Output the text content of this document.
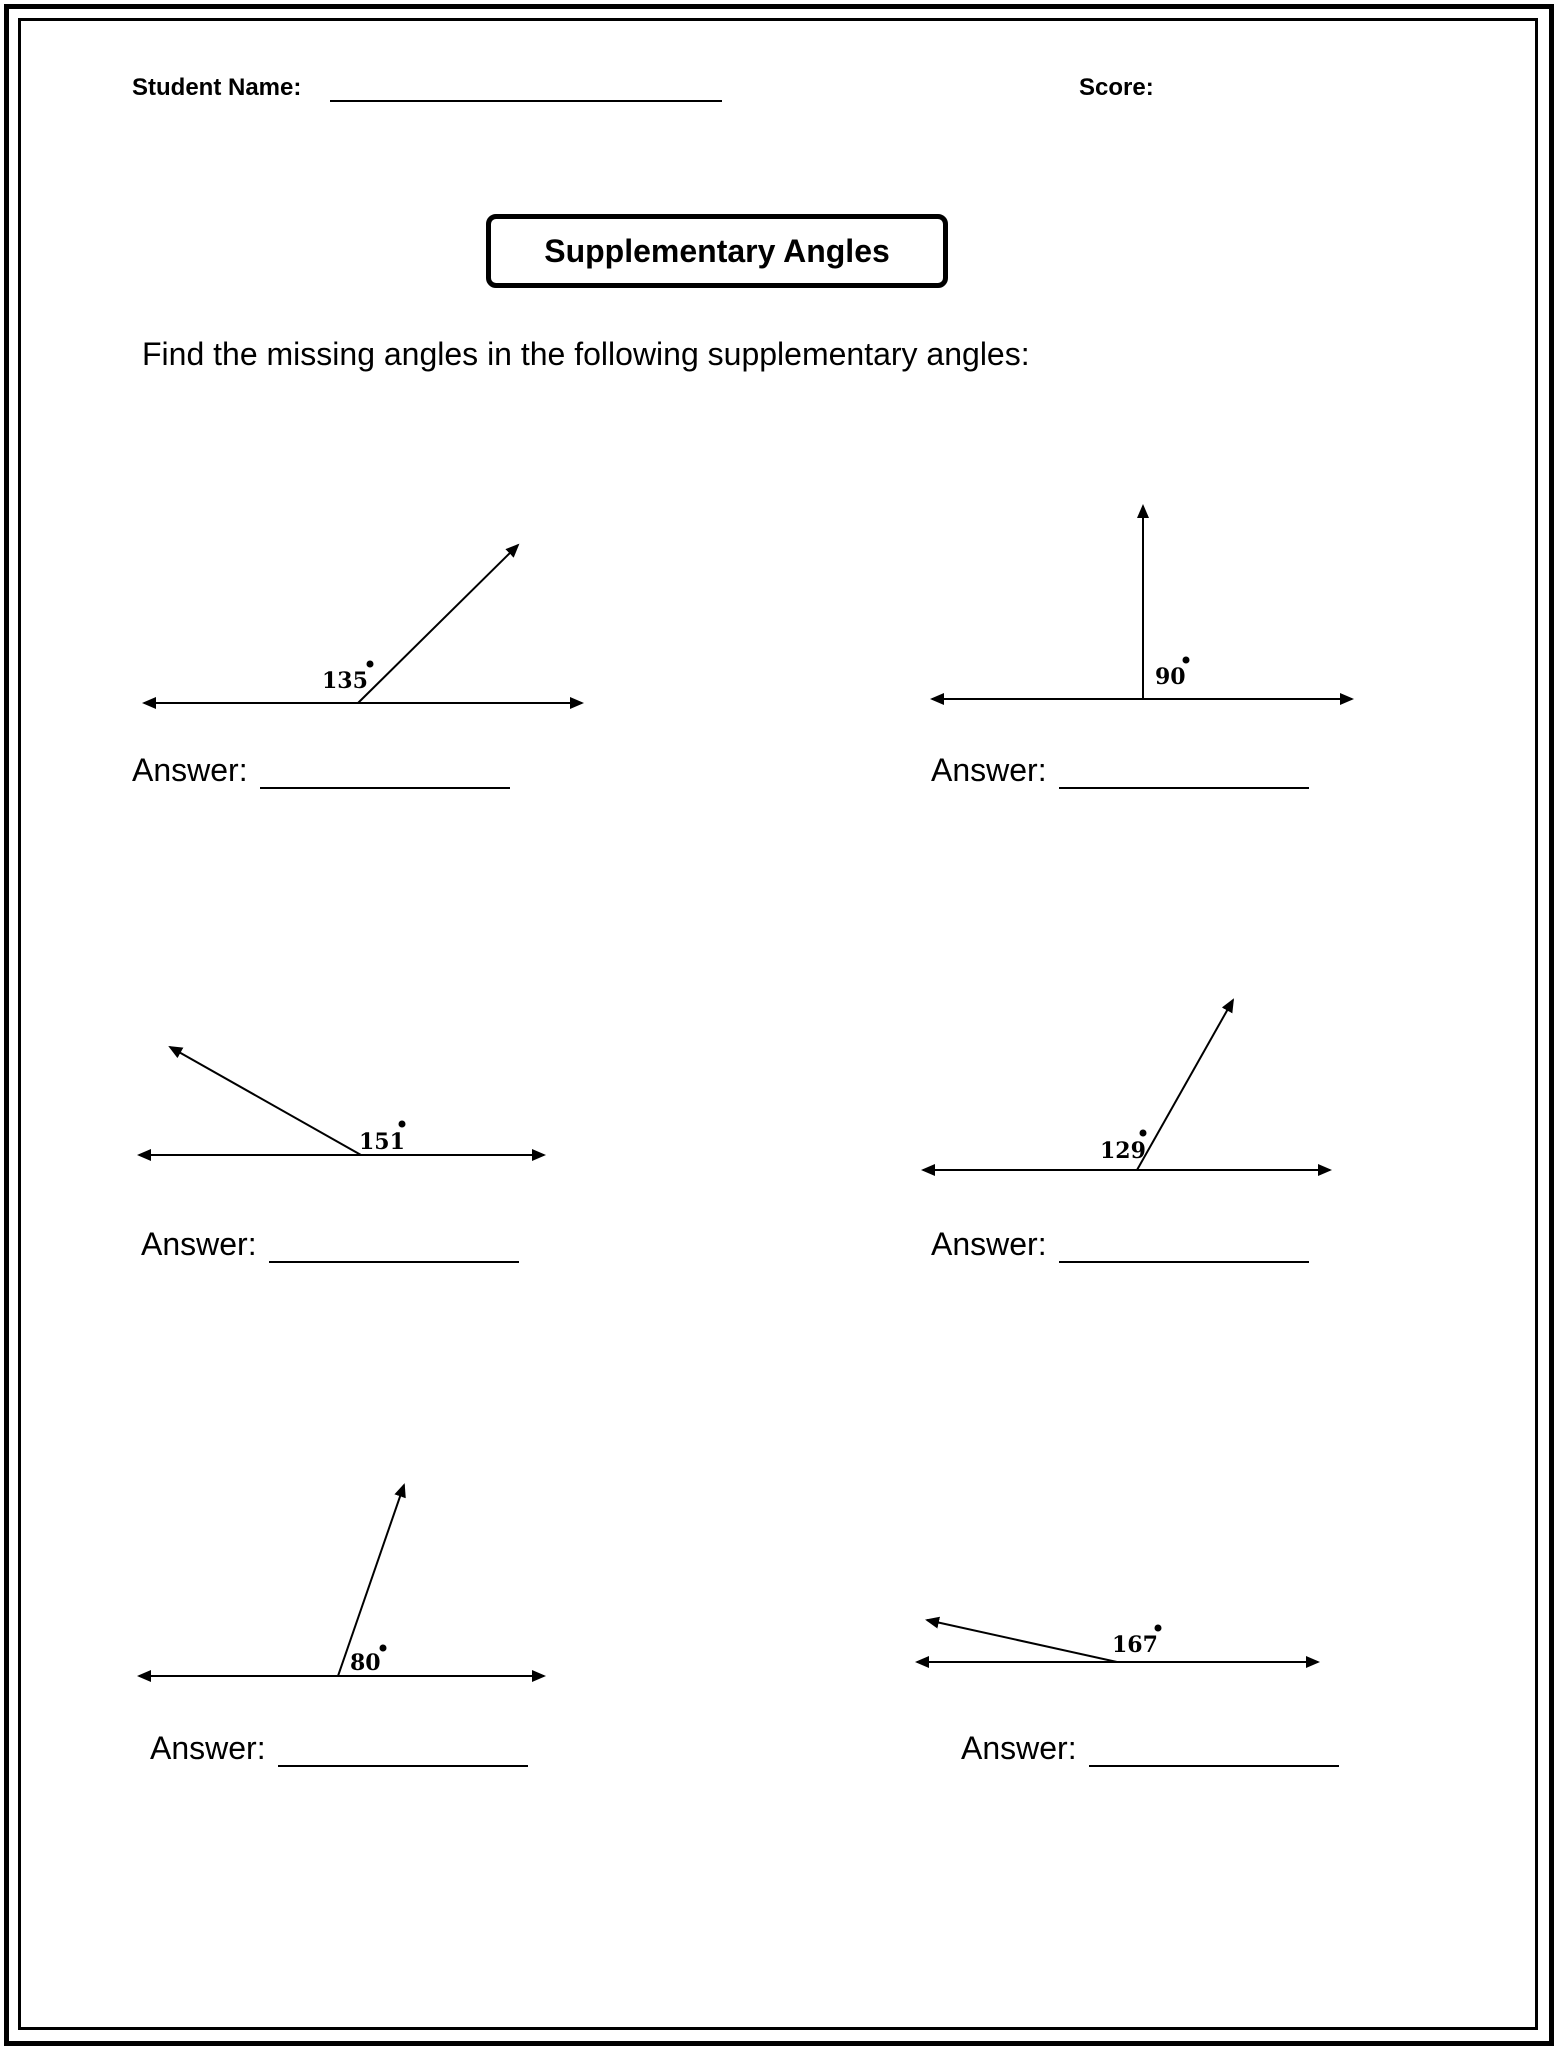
Student Name:	Score:
Supplementary Angles
Find the missing angles in the following supplementary angles:
135	90
151	129
80
167
Answer:	Answer:
Answer:	Answer:
Answer:	Answer:
